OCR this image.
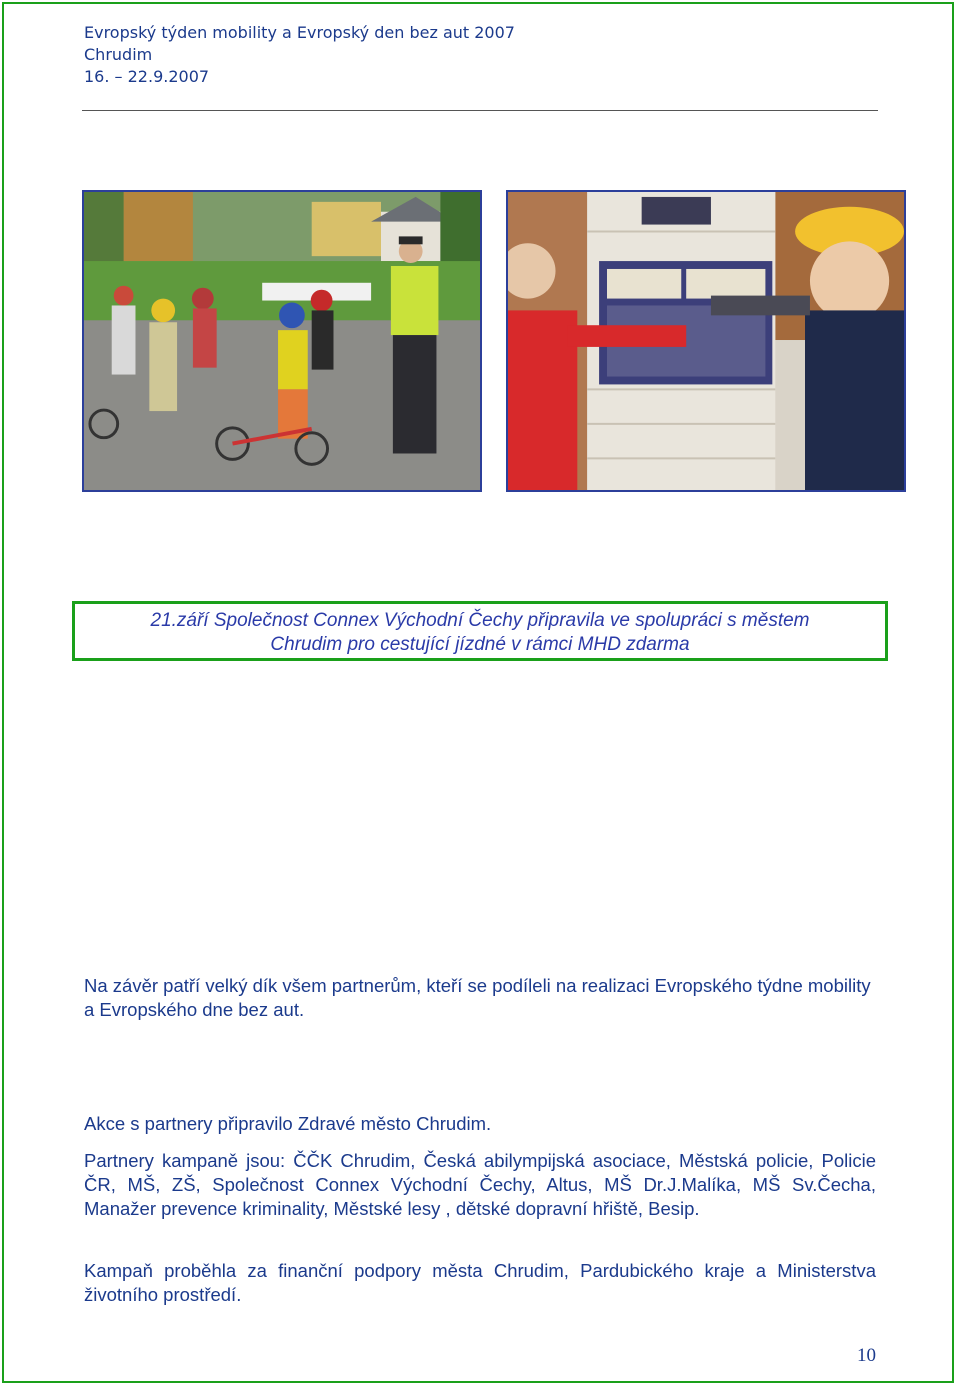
Evropský týden mobility a Evropský den bez aut 2007
Chrudim
16. – 22.9.2007
21.září Společnost Connex Východní Čechy připravila ve spolupráci s městem
Chrudim pro cestující jízdné v rámci MHD zdarma
Na závěr patří velký dík všem partnerům, kteří se podíleli na realizaci Evropského týdne mobility a Evropského dne bez aut.
Akce s partnery připravilo Zdravé město Chrudim.
Partnery kampaně jsou: ČČK Chrudim, Česká abilympijská asociace, Městská policie, Policie ČR, MŠ, ZŠ, Společnost Connex Východní Čechy, Altus, MŠ Dr.J.Malíka, MŠ Sv.Čecha, Manažer prevence kriminality, Městské lesy , dětské dopravní hřiště, Besip.
Kampaň proběhla za finanční podpory města Chrudim, Pardubického kraje a Ministerstva životního prostředí.
10
